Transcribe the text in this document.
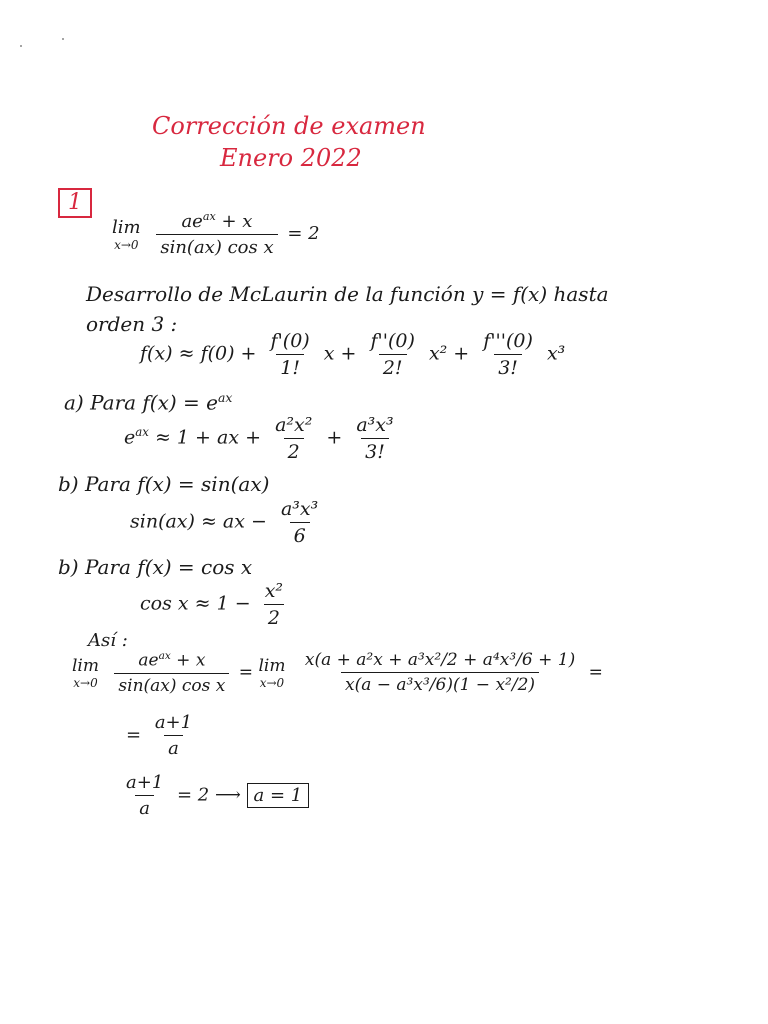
Corrección de examen
Enero 2022
1
lim
x→0
$\frac{ae^{ax} + x}{\text{sin(ax) cos x}} = 2$
Desarrollo de McLaurin de la función y = f(x) hasta
orden 3 :
$f(x) \approx f(0) + \frac{f'(0)}{1!}$ $x + \frac{f''(0)}{2!} x^2 + \frac{f'''(0)}{3!} x^3$
a) Para $f(x) = e^{ax}$
$e^{ax} \approx 1$ + ax + $\frac{\text{a²x²}}{2} + \frac{\text{a³x³}}{3!}$
b) Para f(x) = sin(ax)
sin(ax) ≈ ax − $\frac{\text{a³x³}}{6}$
b) Para f(x) = cos x
$\cos x \approx 1 - \frac{\text{x²}}{2}$
Así :
lim
x→0
$\frac{ae^{ax} + x}{\text{sin(ax) cos x}} = \lim$
x→0
$\frac{\text{x(a + a²x + a³x²/2 + a⁴x³/6 + 1)}}{\text{x(a − a³x³/6)(1 − x²/2)}}$ =
= $\frac{a+1}{a}$
$\frac{a+1}{a} = 2$ ⟶ a = 1
